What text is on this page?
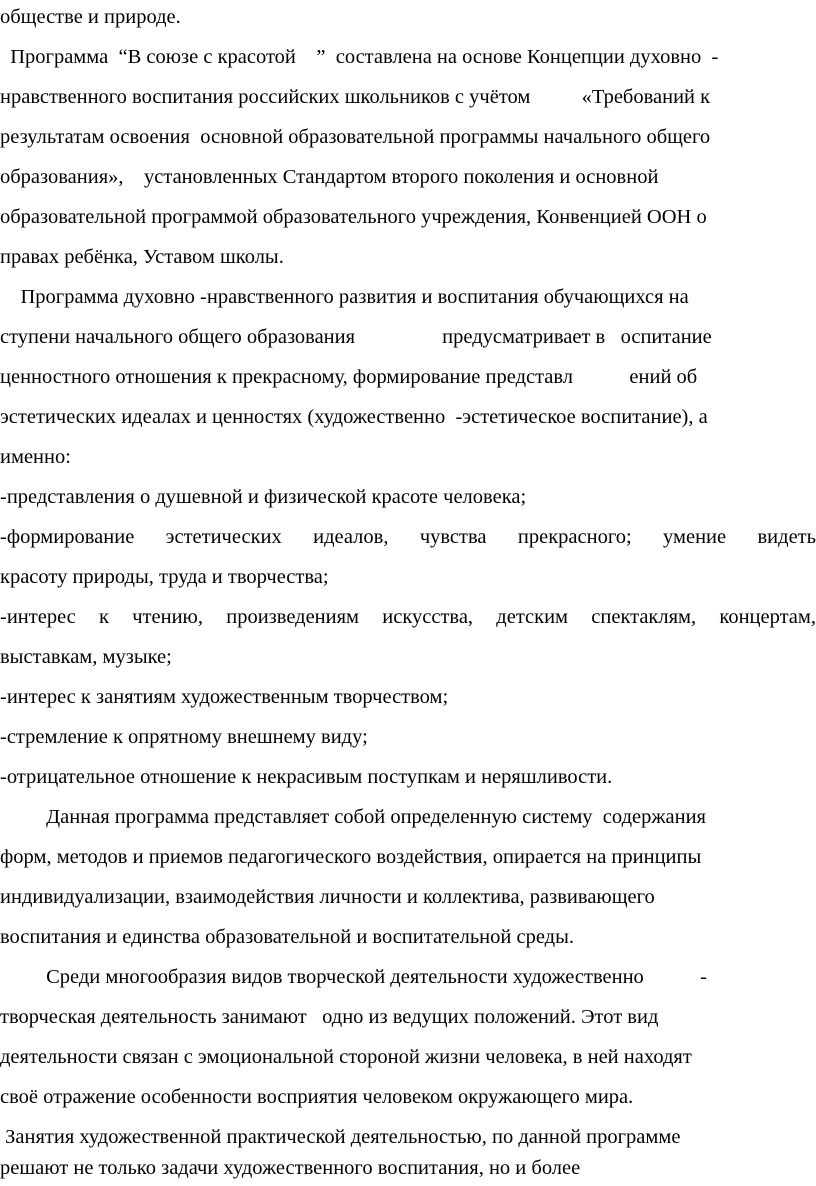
обществе и природе.
Программа  “В союзе с красотой    ”  составлена на основе Концепции духовно  -
нравственного воспитания российских школьников с учётом          «Требований к
результатам освоения  основной образовательной программы начального общего
образования»,    установленных Стандартом второго поколения и основной
образовательной программой образовательного учреждения, Конвенцией ООН о
правах ребёнка, Уставом школы.
Программа духовно -нравственного развития и воспитания обучающихся на
ступени начального общего образования                 предусматривает в   оспитание
ценностного отношения к прекрасному, формирование представл           ений об
эстетических идеалах и ценностях (художественно  -эстетическое воспитание), а
именно:
-представления о душевной и физической красоте человека;
-формирование эстетических идеалов, чувства прекрасного; умение видеть
красоту природы, труда и творчества;
-интерес к чтению, произведениям искусства, детским спектаклям, концертам,
выставкам, музыке;
-интерес к занятиям художественным творчеством;
-стремление к опрятному внешнему виду;
-отрицательное отношение к некрасивым поступкам и неряшливости.
Данная программа представляет собой определенную систему  содержания
форм, методов и приемов педагогического воздействия, опирается на принципы
индивидуализации, взаимодействия личности и коллектива, развивающего
воспитания и единства образовательной и воспитательной среды.
Среди многообразия видов творческой деятельности художественно           -
творческая деятельность занимают   одно из ведущих положений. Этот вид
деятельности связан с эмоциональной стороной жизни человека, в ней находят
своё отражение особенности восприятия человеком окружающего мира.
Занятия художественной практической деятельностью, по данной программе
решают не только задачи художественного воспитания, но и более
